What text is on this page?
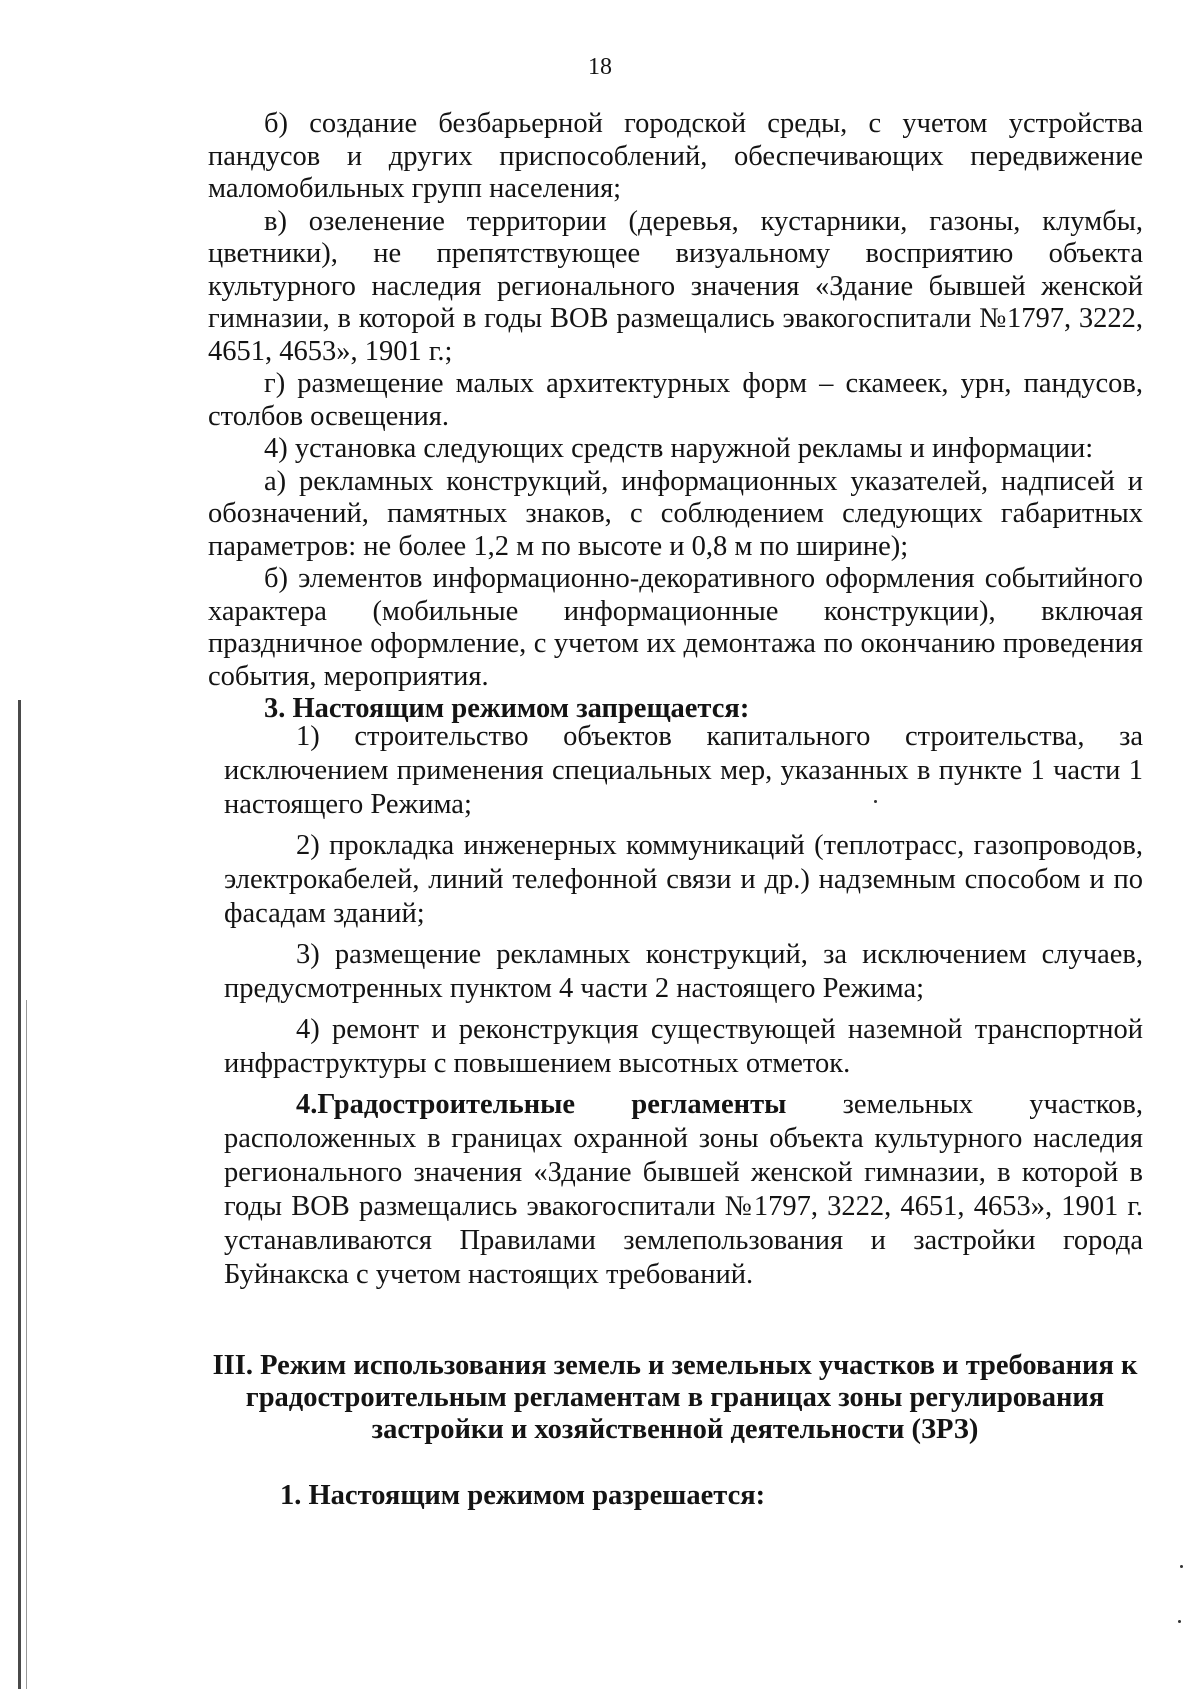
18

б) создание безбарьерной городской среды, с учетом устройства пандусов и других приспособлений, обеспечивающих передвижение маломобильных групп населения;

в) озеленение территории (деревья, кустарники, газоны, клумбы, цветники), не препятствующее визуальному восприятию объекта культурного наследия регионального значения «Здание бывшей женской гимназии, в которой в годы ВОВ размещались эвакогоспитали №1797, 3222, 4651, 4653», 1901 г.;

г) размещение малых архитектурных форм – скамеек, урн, пандусов, столбов освещения.

4) установка следующих средств наружной рекламы и информации:

а) рекламных конструкций, информационных указателей, надписей и обозначений, памятных знаков, с соблюдением следующих габаритных параметров: не более 1,2 м по высоте и 0,8 м по ширине);

б) элементов информационно-декоративного оформления событийного характера (мобильные информационные конструкции), включая праздничное оформление, с учетом их демонтажа по окончанию проведения события, мероприятия.

3. Настоящим режимом запрещается:

1) строительство объектов капитального строительства, за исключением применения специальных мер, указанных в пункте 1 части 1 настоящего Режима;

2) прокладка инженерных коммуникаций (теплотрасс, газопроводов, электрокабелей, линий телефонной связи и др.) надземным способом и по фасадам зданий;

3) размещение рекламных конструкций, за исключением случаев, предусмотренных пунктом 4 части 2 настоящего Режима;

4) ремонт и реконструкция существующей наземной транспортной инфраструктуры с повышением высотных отметок.

4.Градостроительные регламенты земельных участков, расположенных в границах охранной зоны объекта культурного наследия регионального значения «Здание бывшей женской гимназии, в которой в годы ВОВ размещались эвакогоспитали №1797, 3222, 4651, 4653», 1901 г. устанавливаются Правилами землепользования и застройки города Буйнакска с учетом настоящих требований.

III. Режим использования земель и земельных участков и требования к
градостроительным регламентам в границах зоны регулирования
застройки и хозяйственной деятельности (ЗРЗ)
1. Настоящим режимом разрешается:
